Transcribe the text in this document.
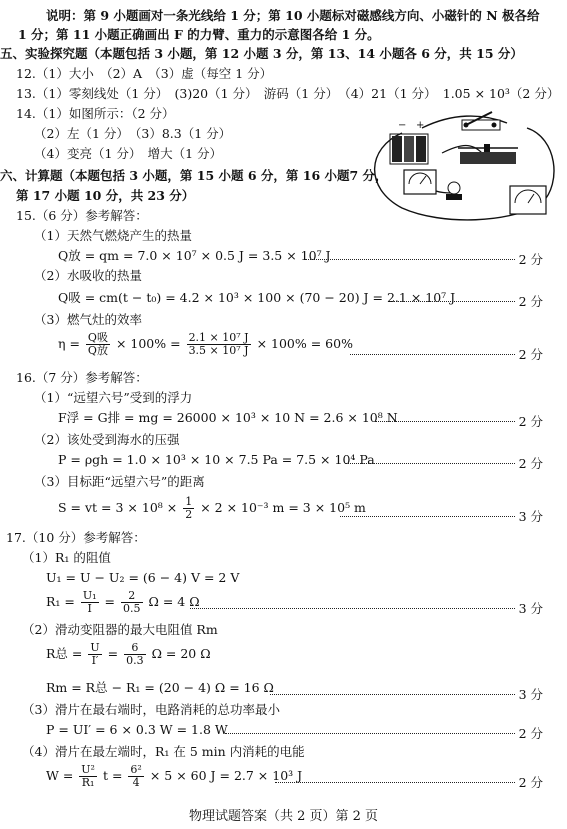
说明：第 9 小题画对一条光线给 1 分；第 10 小题标对磁感线方向、小磁针的 N 极各给
1 分；第 11 小题正确画出 F 的力臂、重力的示意图各给 1 分。
五、实验探究题（本题包括 3 小题，第 12 小题 3 分，第 13、14 小题各 6 分，共 15 分）
12.（1）大小　（2）A　（3）虚（每空 1 分）
13.（1）零刻线处（1 分）　(3)20（1 分）　游码（1 分）　（4）21（1 分）　1.05 × 10³（2 分）
14.（1）如图所示：（2 分）
（2）左（1 分）　（3）8.3（1 分）
（4）变亮（1 分）　增大（1 分）
− +
六、计算题（本题包括 3 小题，第 15 小题 6 分，第 16 小题7 分，
第 17 小题 10 分，共 23 分）
15.（6 分）参考解答：
（1）天然气燃烧产生的热量
Q放 = qm = 7.0 × 10⁷ × 0.5 J = 3.5 × 10⁷ J	2 分
（2）水吸收的热量
Q吸 = cm(t − t₀) = 4.2 × 10³ × 100 × (70 − 20) J = 2.1 × 10⁷ J	2 分
（3）燃气灶的效率
$\eta = \frac{\text{Q吸}}{\text{Q放}} \times 100\% = \frac{\text{2.1 × 10⁷ J}}{\text{3.5 × 10⁷ J}} \times 100\% = 60\%$
2 分
16.（7 分）参考解答：
（1）“远望六号”受到的浮力
F浮 = G排 = mg = 26000 × 10³ × 10 N = 2.6 × 10⁸ N	2 分
（2）该处受到海水的压强
P = ρgh = 1.0 × 10³ × 10 × 7.5 Pa = 7.5 × 10⁴ Pa	2 分
（3）目标距“远望六号”的距离
S = vt = $3 \times 10^8 \times \frac{1}{2} \times 2 \times 10^{-3}$ m = 3 × 10⁵ m
3 分
17.（10 分）参考解答：
（1）R₁ 的阻值
U₁ = U − U₂ = (6 − 4) V = 2 V
$R_1 = \frac{\text{U₁}}{I} = \frac{2}{0.5}$ Ω = 4 Ω	3 分
（2）滑动变阻器的最大电阻值 Rm
R总 = $\frac{U}{I'} = \frac{6}{0.3}$ Ω = 20 Ω
Rm = R总 − R₁ = (20 − 4) Ω = 16 Ω	3 分
（3）滑片在最右端时，电路消耗的总功率最小
P = UI′ = 6 × 0.3 W = 1.8 W	2 分
（4）滑片在最左端时，R₁ 在 5 min 内消耗的电能
$W = \frac{\text{U²}}{\text{R₁}}$ $t = \frac{\text{6²}}{4} \times 5 \times 60$ J = 2.7 × 10³ J	2 分
物理试题答案（共 2 页）第 2 页
